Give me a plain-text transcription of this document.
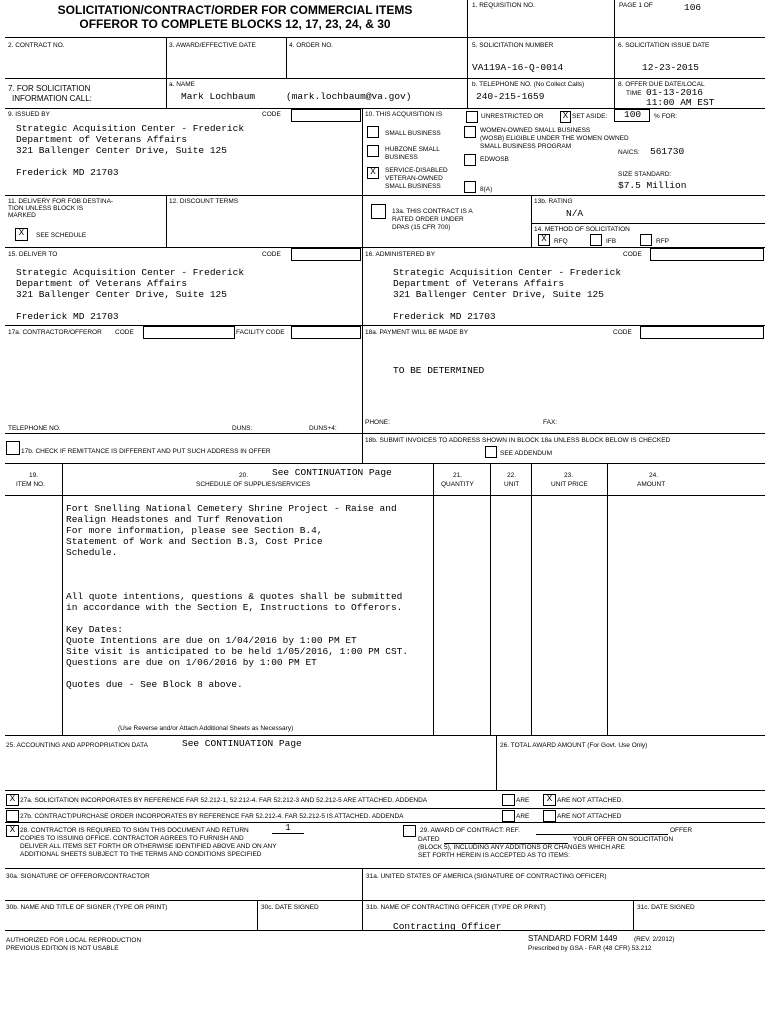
SOLICITATION/CONTRACT/ORDER FOR COMMERCIAL ITEMS
OFFEROR TO COMPLETE BLOCKS 12, 17, 23, 24, & 30
1. REQUISITION NO.	PAGE 1 OF	106
2. CONTRACT NO.	3. AWARD/EFFECTIVE DATE	4. ORDER NO.	5. SOLICITATION NUMBER
VA119A-16-Q-0014
6. SOLICITATION ISSUE DATE
12-23-2015
7. FOR SOLICITATION
INFORMATION CALL:
a. NAME
Mark Lochbaum	(mark.lochbaum@va.gov)
b. TELEPHONE NO. (No Collect Calls)
240-215-1659
8. OFFER DUE DATE/LOCAL
TIME 01-13-2016
11:00 AM EST
9. ISSUED BY	CODE
Strategic Acquisition Center - Frederick
Department of Veterans Affairs
321 Ballenger Center Drive, Suite 125

Frederick MD 21703
10. THIS ACQUISITION IS	UNRESTRICTED OR	X SET ASIDE: 100 % FOR:
SMALL BUSINESS
HUBZONE SMALL
BUSINESS
X	SERVICE-DISABLED
VETERAN-OWNED
SMALL BUSINESS
WOMEN-OWNED SMALL BUSINESS
(WOSB) ELIGIBLE UNDER THE WOMEN OWNED
SMALL BUSINESS PROGRAM
EDWOSB
8(A)
NAICS: 561730
SIZE STANDARD:
$7.5 Million
11. DELIVERY FOR FOB DESTINA-
TION UNLESS BLOCK IS
MARKED
X	SEE SCHEDULE
12. DISCOUNT TERMS
13a. THIS CONTRACT IS A
RATED ORDER UNDER
DPAS (15 CFR 700)
13b. RATING
N/A
14. METHOD OF SOLICITATION
X	RFQ	IFB	RFP
15. DELIVER TO	CODE
Strategic Acquisition Center - Frederick
Department of Veterans Affairs
321 Ballenger Center Drive, Suite 125

Frederick MD 21703
16. ADMINISTERED BY	CODE
Strategic Acquisition Center - Frederick
Department of Veterans Affairs
321 Ballenger Center Drive, Suite 125

Frederick MD 21703
17a. CONTRACTOR/OFFEROR CODE	FACILITY CODE	18a. PAYMENT WILL BE MADE BY	CODE
TO BE DETERMINED
TELEPHONE NO.	DUNS:	DUNS+4:
PHONE:	FAX:
17b. CHECK IF REMITTANCE IS DIFFERENT AND PUT SUCH ADDRESS IN OFFER
18b. SUBMIT INVOICES TO ADDRESS SHOWN IN BLOCK 18a UNLESS BLOCK BELOW IS CHECKED
SEE ADDENDUM
19.
ITEM NO.
20.	See CONTINUATION Page
SCHEDULE OF SUPPLIES/SERVICES
21.
QUANTITY
22.
UNIT
23.
UNIT PRICE
24.
AMOUNT
Fort Snelling National Cemetery Shrine Project - Raise and
Realign Headstones and Turf Renovation
For more information, please see Section B.4,
Statement of Work and Section B.3, Cost Price
Schedule.

All quote intentions, questions & quotes shall be submitted
in accordance with the Section E, Instructions to Offerors.

Key Dates:
Quote Intentions are due on 1/04/2016 by 1:00 PM ET
Site visit is anticipated to be held 1/05/2016, 1:00 PM CST.
Questions are due on 1/06/2016 by 1:00 PM ET

Quotes due - See Block 8 above.
(Use Reverse and/or Attach Additional Sheets as Necessary)
25. ACCOUNTING AND APPROPRIATION DATA	See CONTINUATION Page	26. TOTAL AWARD AMOUNT (For Govt. Use Only)
X 27a. SOLICITATION INCORPORATES BY REFERENCE FAR 52.212-1, 52.212-4. FAR 52.212-3 AND 52.212-5 ARE ATTACHED. ADDENDA	ARE	X ARE NOT ATTACHED.
27b. CONTRACT/PURCHASE ORDER INCORPORATES BY REFERENCE FAR 52.212-4. FAR 52.212-5 IS ATTACHED. ADDENDA	ARE	ARE NOT ATTACHED
X 28. CONTRACTOR IS REQUIRED TO SIGN THIS DOCUMENT AND RETURN
COPIES TO ISSUING OFFICE. CONTRACTOR AGREES TO FURNISH AND
DELIVER ALL ITEMS SET FORTH OR OTHERWISE IDENTIFIED ABOVE AND ON ANY
ADDITIONAL SHEETS SUBJECT TO THE TERMS AND CONDITIONS SPECIFIED
1	29. AWARD OF CONTRACT: REF.	OFFER
DATED	YOUR OFFER ON SOLICITATION
(BLOCK 5), INCLUDING ANY ADDITIONS OR CHANGES WHICH ARE
SET FORTH HEREIN IS ACCEPTED AS TO ITEMS:
30a. SIGNATURE OF OFFEROR/CONTRACTOR	31a. UNITED STATES OF AMERICA (SIGNATURE OF CONTRACTING OFFICER)
30b. NAME AND TITLE OF SIGNER (TYPE OR PRINT)	30c. DATE SIGNED	31b. NAME OF CONTRACTING OFFICER (TYPE OR PRINT)
Contracting Officer
31c. DATE SIGNED
AUTHORIZED FOR LOCAL REPRODUCTION
PREVIOUS EDITION IS NOT USABLE
STANDARD FORM 1449	(REV. 2/2012)
Prescribed by GSA - FAR (48 CFR) 53.212
